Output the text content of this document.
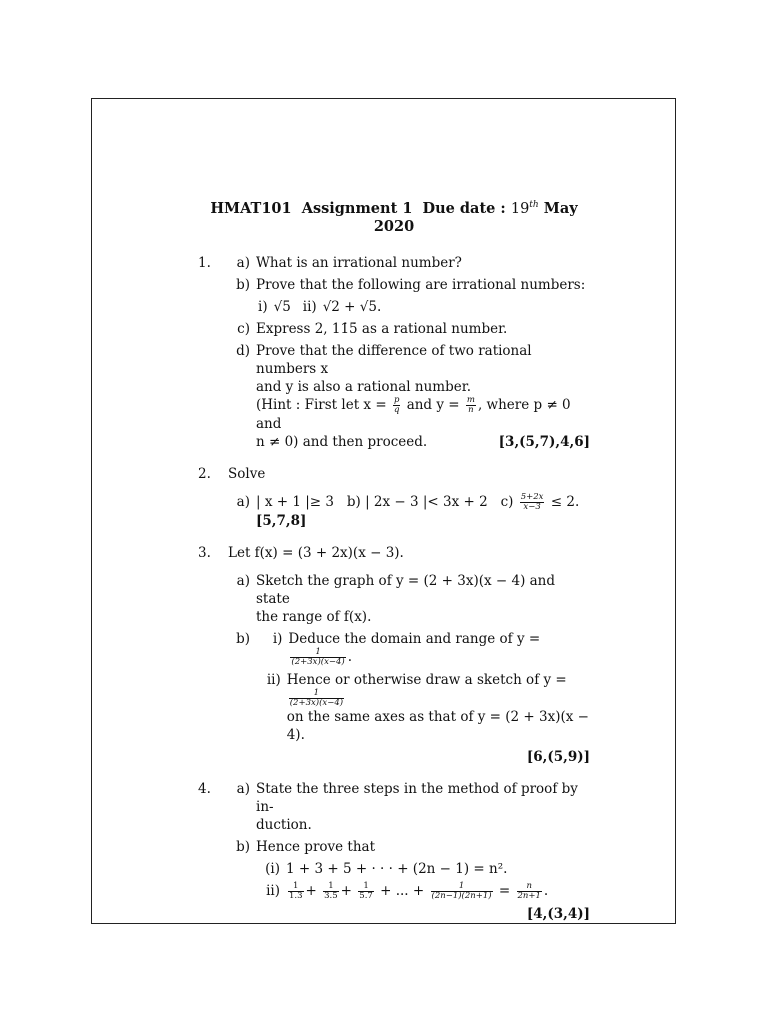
HMAT101 Assignment 1 Due date : 19th May 2020
1.	a) What is an irrational number?
b) Prove that the following are irrational numbers:
i) √5 ii) √2 + √5.
c) Express 2, 11̇5̇ as a rational number.
d) Prove that the difference of two rational numbers x
and y is also a rational number.
(Hint : First let $x = \frac{p}{q}$ and $y = \frac{m}{n}$ , where p ≠ 0 and
n ≠ 0) and then proceed.	[3,(5,7),4,6]
2.	Solve
a) | x + 1 |≥ 3 b) | 2x − 3 |< 3x + 2 $c) \frac{5+2x}{x-3} \le 2$.
[5,7,8]
3.	Let f(x) = (3 + 2x)(x − 3).
a) Sketch the graph of y = (2 + 3x)(x − 4) and state
the range of f(x).
b)	i) Deduce the domain and range of y =
$\frac{1}{(2+3x)(x-4)}$ .
ii) Hence or otherwise draw a sketch of y =
$\frac{1}{(2+3x)(x-4)}$

on the same axes as that of y = (2 + 3x)(x − 4).
[6,(5,9)]
4.	a) State the three steps in the method of proof by in-
duction.
b) Hence prove that
(i) 1 + 3 + 5 + · · · + (2n − 1) = n².
$ii) \frac{1}{1.3} + \frac{1}{3.5} + \frac{1}{5.7}$ + ... + $\frac{1}{(2n-1)(2n+1)} = \frac{n}{2n+1}$ .
[4,(3,4)]
